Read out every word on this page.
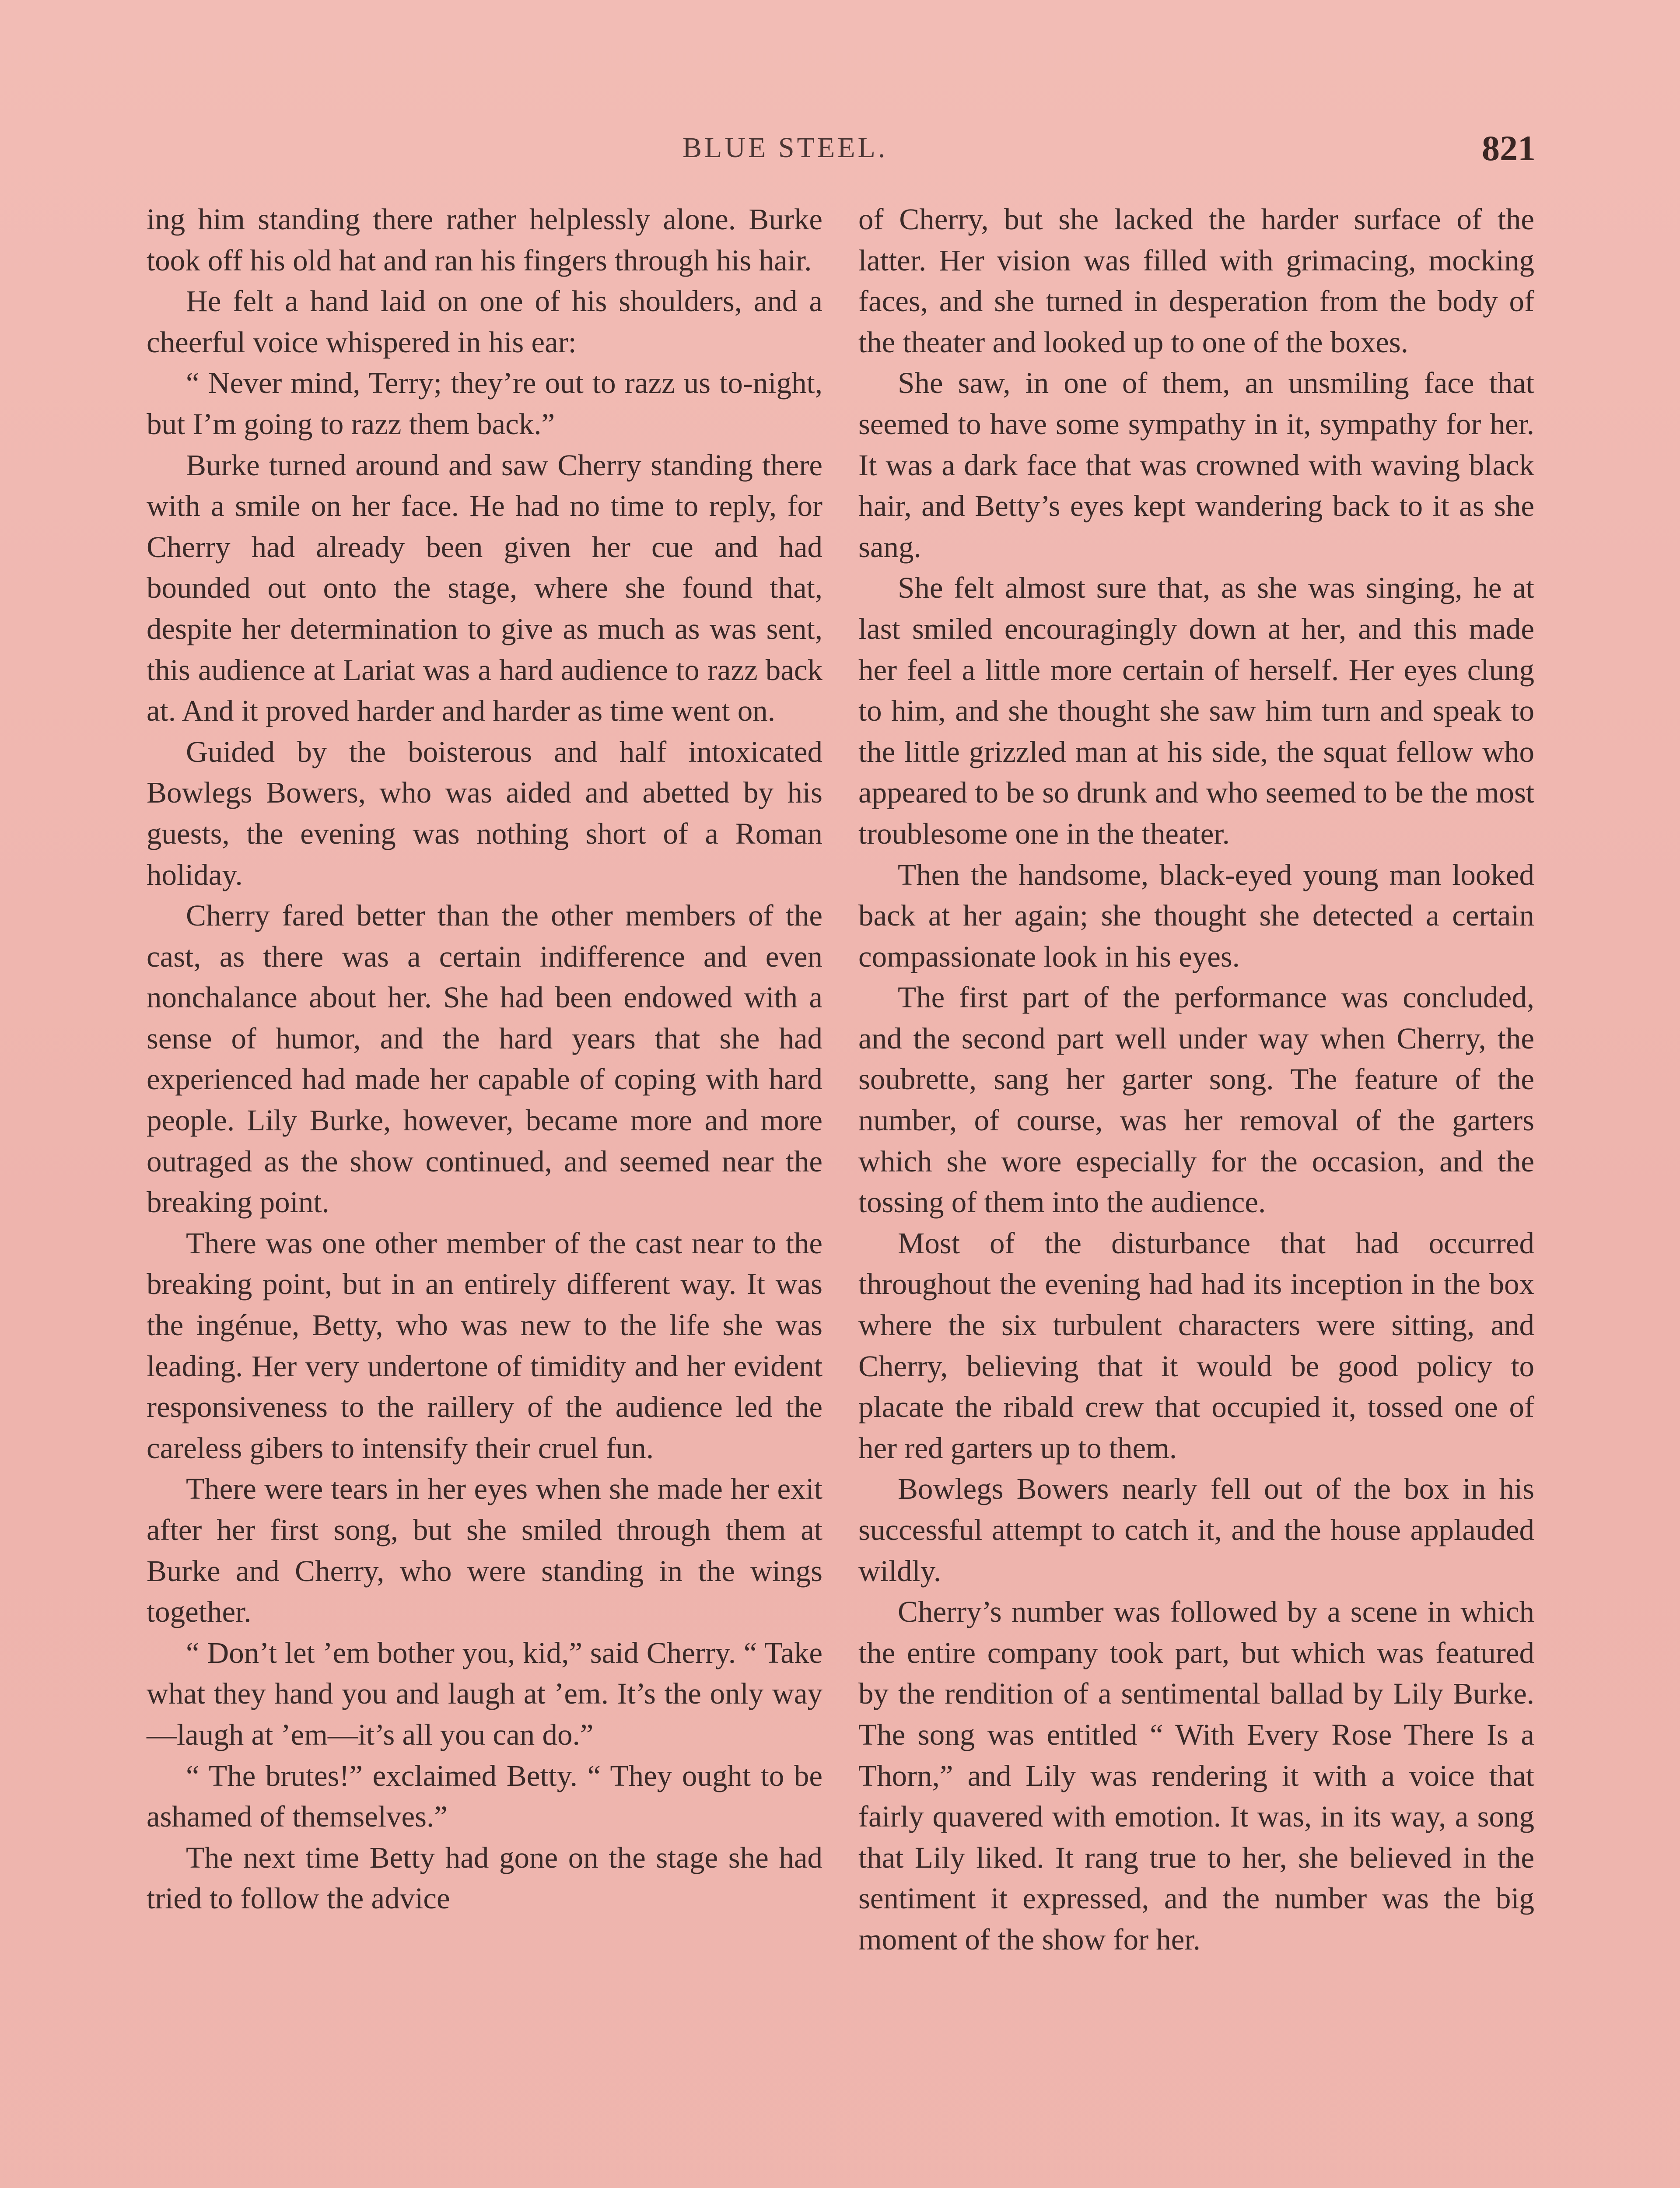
BLUE STEEL.	821

ing him standing there rather helplessly alone. Burke took off his old hat and ran his fingers through his hair.

He felt a hand laid on one of his shoulders, and a cheerful voice whispered in his ear:

“ Never mind, Terry; they’re out to razz us to-night, but I’m going to razz them back.”

Burke turned around and saw Cherry standing there with a smile on her face. He had no time to reply, for Cherry had already been given her cue and had bounded out onto the stage, where she found that, despite her determination to give as much as was sent, this audience at Lariat was a hard audience to razz back at. And it proved harder and harder as time went on.

Guided by the boisterous and half intoxicated Bowlegs Bowers, who was aided and abetted by his guests, the evening was nothing short of a Roman holiday.

Cherry fared better than the other members of the cast, as there was a certain indifference and even nonchalance about her. She had been endowed with a sense of humor, and the hard years that she had experienced had made her capable of coping with hard people. Lily Burke, however, became more and more outraged as the show continued, and seemed near the breaking point.

There was one other member of the cast near to the breaking point, but in an entirely different way. It was the ingénue, Betty, who was new to the life she was leading. Her very undertone of timidity and her evident responsiveness to the raillery of the audience led the careless gibers to intensify their cruel fun.

There were tears in her eyes when she made her exit after her first song, but she smiled through them at Burke and Cherry, who were standing in the wings together.

“ Don’t let ’em bother you, kid,” said Cherry. “ Take what they hand you and laugh at ’em. It’s the only way—laugh at ’em—it’s all you can do.”

“ The brutes!” exclaimed Betty. “ They ought to be ashamed of themselves.”

The next time Betty had gone on the stage she had tried to follow the advice

of Cherry, but she lacked the harder surface of the latter. Her vision was filled with grimacing, mocking faces, and she turned in desperation from the body of the theater and looked up to one of the boxes.

She saw, in one of them, an unsmiling face that seemed to have some sympathy in it, sympathy for her. It was a dark face that was crowned with waving black hair, and Betty’s eyes kept wandering back to it as she sang.

She felt almost sure that, as she was singing, he at last smiled encouragingly down at her, and this made her feel a little more certain of herself. Her eyes clung to him, and she thought she saw him turn and speak to the little grizzled man at his side, the squat fellow who appeared to be so drunk and who seemed to be the most troublesome one in the theater.

Then the handsome, black-eyed young man looked back at her again; she thought she detected a certain compassionate look in his eyes.

The first part of the performance was concluded, and the second part well under way when Cherry, the soubrette, sang her garter song. The feature of the number, of course, was her removal of the garters which she wore especially for the occasion, and the tossing of them into the audience.

Most of the disturbance that had occurred throughout the evening had had its inception in the box where the six turbulent characters were sitting, and Cherry, believing that it would be good policy to placate the ribald crew that occupied it, tossed one of her red garters up to them.

Bowlegs Bowers nearly fell out of the box in his successful attempt to catch it, and the house applauded wildly.

Cherry’s number was followed by a scene in which the entire company took part, but which was featured by the rendition of a sentimental ballad by Lily Burke. The song was entitled “ With Every Rose There Is a Thorn,” and Lily was rendering it with a voice that fairly quavered with emotion. It was, in its way, a song that Lily liked. It rang true to her, she believed in the sentiment it expressed, and the number was the big moment of the show for her.
